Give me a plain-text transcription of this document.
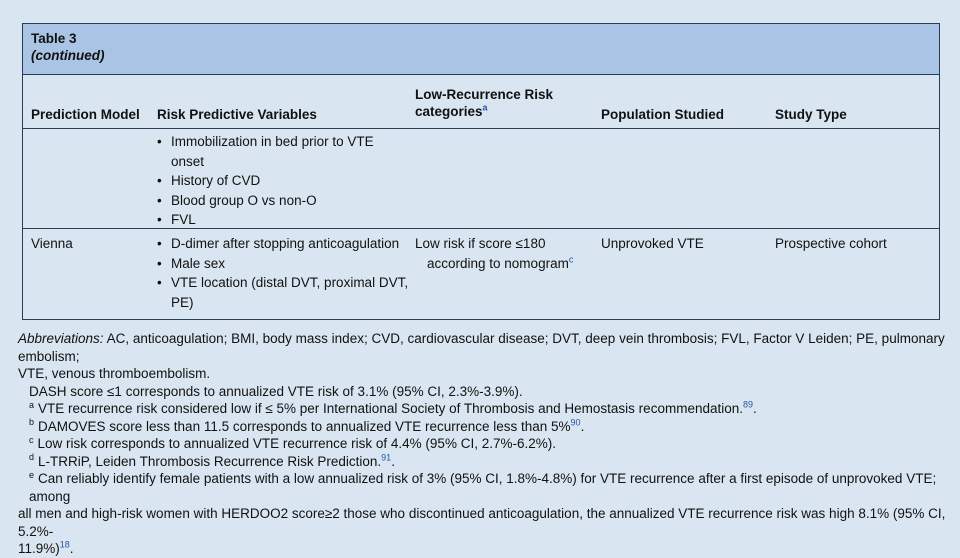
Table 3
(continued)
Prediction Model Risk Predictive Variables
Low-Recurrence Risk
categories$^a$	Population Studied	Study Type
• Immobilization in bed prior to VTE
onset
• History of CVD
• Blood group O vs non-O
• FVL
Vienna
•	D-dimer after stopping anticoagulation
• Male sex
• VTE location (distal DVT, proximal DVT,
PE)
Low risk if score ≤180
according to nomogram$^c$
Unprovoked VTE	Prospective cohort
Abbreviations: AC, anticoagulation; BMI, body mass index; CVD, cardiovascular disease; DVT, deep vein thrombosis; FVL, Factor V Leiden; PE, pulmonary embolism;
VTE, venous thromboembolism.
DASH score ≤1 corresponds to annualized VTE risk of 3.1% (95% CI, 2.3%-3.9%).
$^a$ VTE recurrence risk considered low if ≤ 5% per International Society of Thrombosis and Hemostasis recommendation.$^{89}$.
$^b$ DAMOVES score less than 11.5 corresponds to annualized VTE recurrence less than 5%$^{90}$.
$^c$ Low risk corresponds to annualized VTE recurrence risk of 4.4% (95% CI, 2.7%-6.2%).
$^d$ L-TRRiP, Leiden Thrombosis Recurrence Risk Prediction.$^{91}$.
$^e$ Can reliably identify female patients with a low annualized risk of 3% (95% CI, 1.8%-4.8%) for VTE recurrence after a first episode of unprovoked VTE; among
all men and high-risk women with HERDOO2 score≥2 those who discontinued anticoagulation, the annualized VTE recurrence risk was high 8.1% (95% CI, 5.2%-
11.9%)$^{18}$.
